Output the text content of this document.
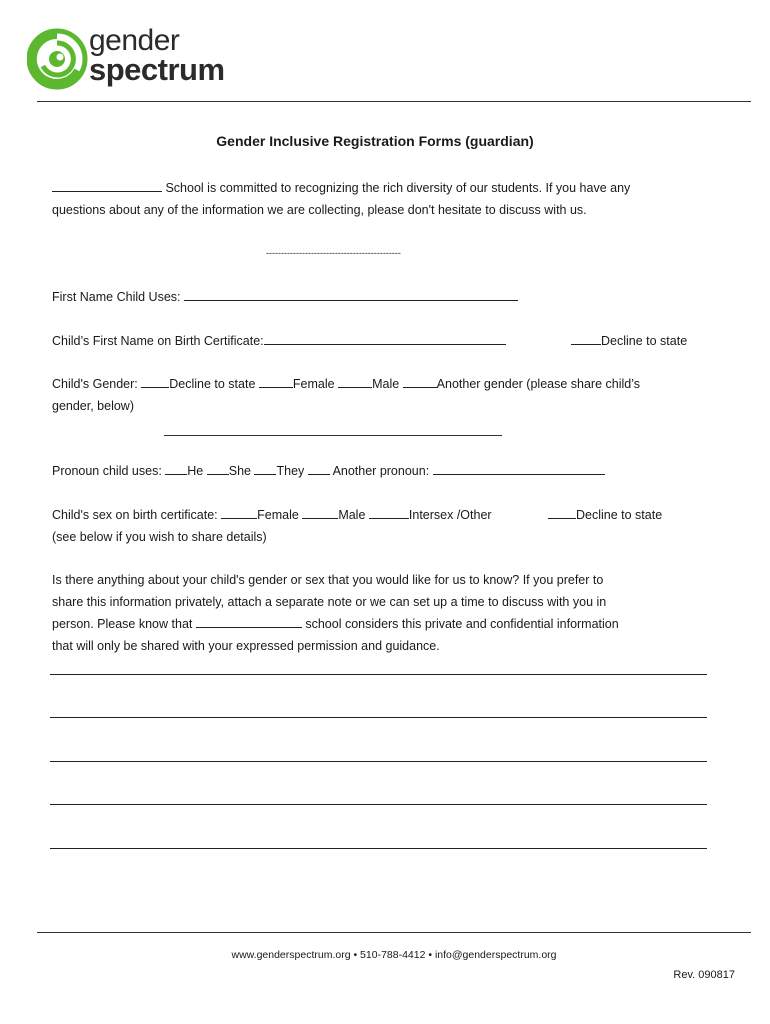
gender
spectrum
Gender Inclusive Registration Forms (guardian)
School is committed to recognizing the rich diversity of our students. If you have any
questions about any of the information we are collecting, please don't hesitate to discuss with us.
---------------------------------------------
First Name Child Uses:
Child’s First Name on Birth Certificate:	Decline to state
Child's Gender:	Decline to state	Female	Male	Another gender (please share child’s
gender, below)
Pronoun child uses: He She They Another pronoun:
Child's sex on birth certificate:	Female	Male	Intersex /Other	Decline to state
(see below if you wish to share details)
Is there anything about your child's gender or sex that you would like for us to know? If you prefer to
share this information privately, attach a separate note or we can set up a time to discuss with you in
person. Please know that	school considers this private and confidential information
that will only be shared with your expressed permission and guidance.
www.genderspectrum.org • 510-788-4412 • info@genderspectrum.org
Rev. 090817
